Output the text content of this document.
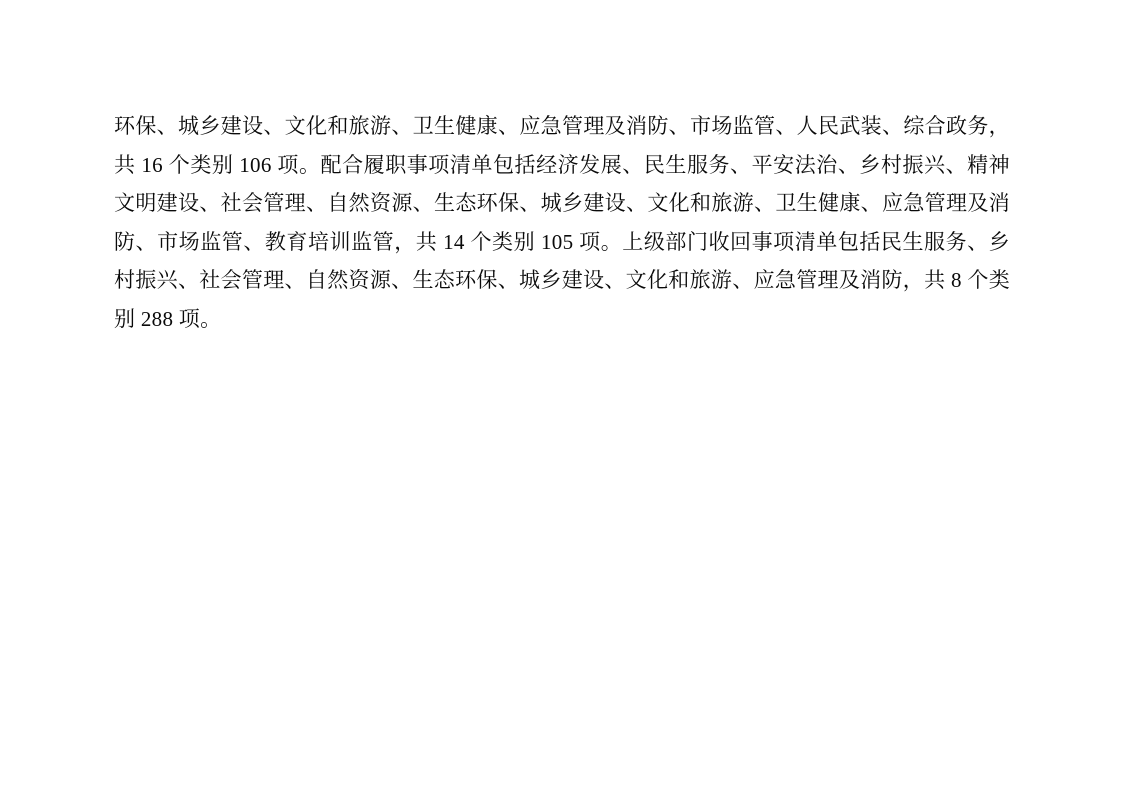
环保、城乡建设、文化和旅游、卫生健康、应急管理及消防、市场监管、人民武装、综合政务，
共 16 个类别 106 项。配合履职事项清单包括经济发展、民生服务、平安法治、乡村振兴、精神
文明建设、社会管理、自然资源、生态环保、城乡建设、文化和旅游、卫生健康、应急管理及消
防、市场监管、教育培训监管，共 14 个类别 105 项。上级部门收回事项清单包括民生服务、乡
村振兴、社会管理、自然资源、生态环保、城乡建设、文化和旅游、应急管理及消防，共 8 个类
别 288 项。
